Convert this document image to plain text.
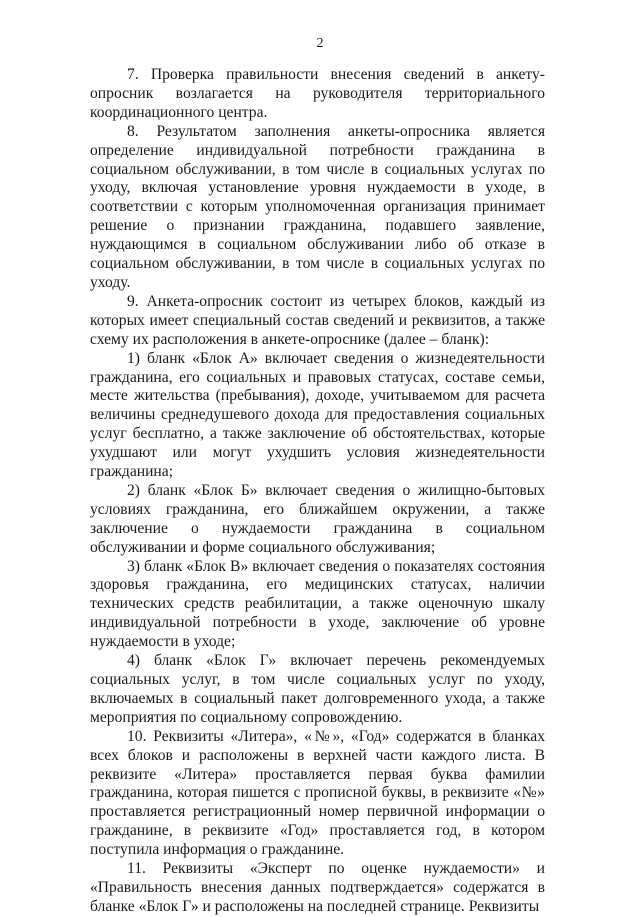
2

7. Проверка правильности внесения сведений в анкету-опросник возлагается на руководителя территориального координационного центра.

8. Результатом заполнения анкеты-опросника является определение индивидуальной потребности гражданина в социальном обслуживании, в том числе в социальных услугах по уходу, включая установление уровня нуждаемости в уходе, в соответствии с которым уполномоченная организация принимает решение о признании гражданина, подавшего заявление, нуждающимся в социальном обслуживании либо об отказе в социальном обслуживании, в том числе в социальных услугах по уходу.

9. Анкета-опросник состоит из четырех блоков, каждый из которых имеет специальный состав сведений и реквизитов, а также схему их расположения в анкете-опроснике (далее – бланк):

1) бланк «Блок А» включает сведения о жизнедеятельности гражданина, его социальных и правовых статусах, составе семьи, месте жительства (пребывания), доходе, учитываемом для расчета величины среднедушевого дохода для предоставления социальных услуг бесплатно, а также заключение об обстоятельствах, которые ухудшают или могут ухудшить условия жизнедеятельности гражданина;

2) бланк «Блок Б» включает сведения о жилищно-бытовых условиях гражданина, его ближайшем окружении, а также заключение о нуждаемости гражданина в социальном обслуживании и форме социального обслуживания;

3) бланк «Блок В» включает сведения о показателях состояния здоровья гражданина, его медицинских статусах, наличии технических средств реабилитации, а также оценочную шкалу индивидуальной потребности в уходе, заключение об уровне нуждаемости в уходе;

4) бланк «Блок Г» включает перечень рекомендуемых социальных услуг, в том числе социальных услуг по уходу, включаемых в социальный пакет долговременного ухода, а также мероприятия по социальному сопровождению.

10. Реквизиты «Литера», «№», «Год» содержатся в бланках всех блоков и расположены в верхней части каждого листа. В реквизите «Литера» проставляется первая буква фамилии гражданина, которая пишется с прописной буквы, в реквизите «№» проставляется регистрационный номер первичной информации о гражданине, в реквизите «Год» проставляется год, в котором поступила информация о гражданине.

11. Реквизиты «Эксперт по оценке нуждаемости» и «Правильность внесения данных подтверждается» содержатся в бланке «Блок Г» и расположены на последней странице. Реквизиты
